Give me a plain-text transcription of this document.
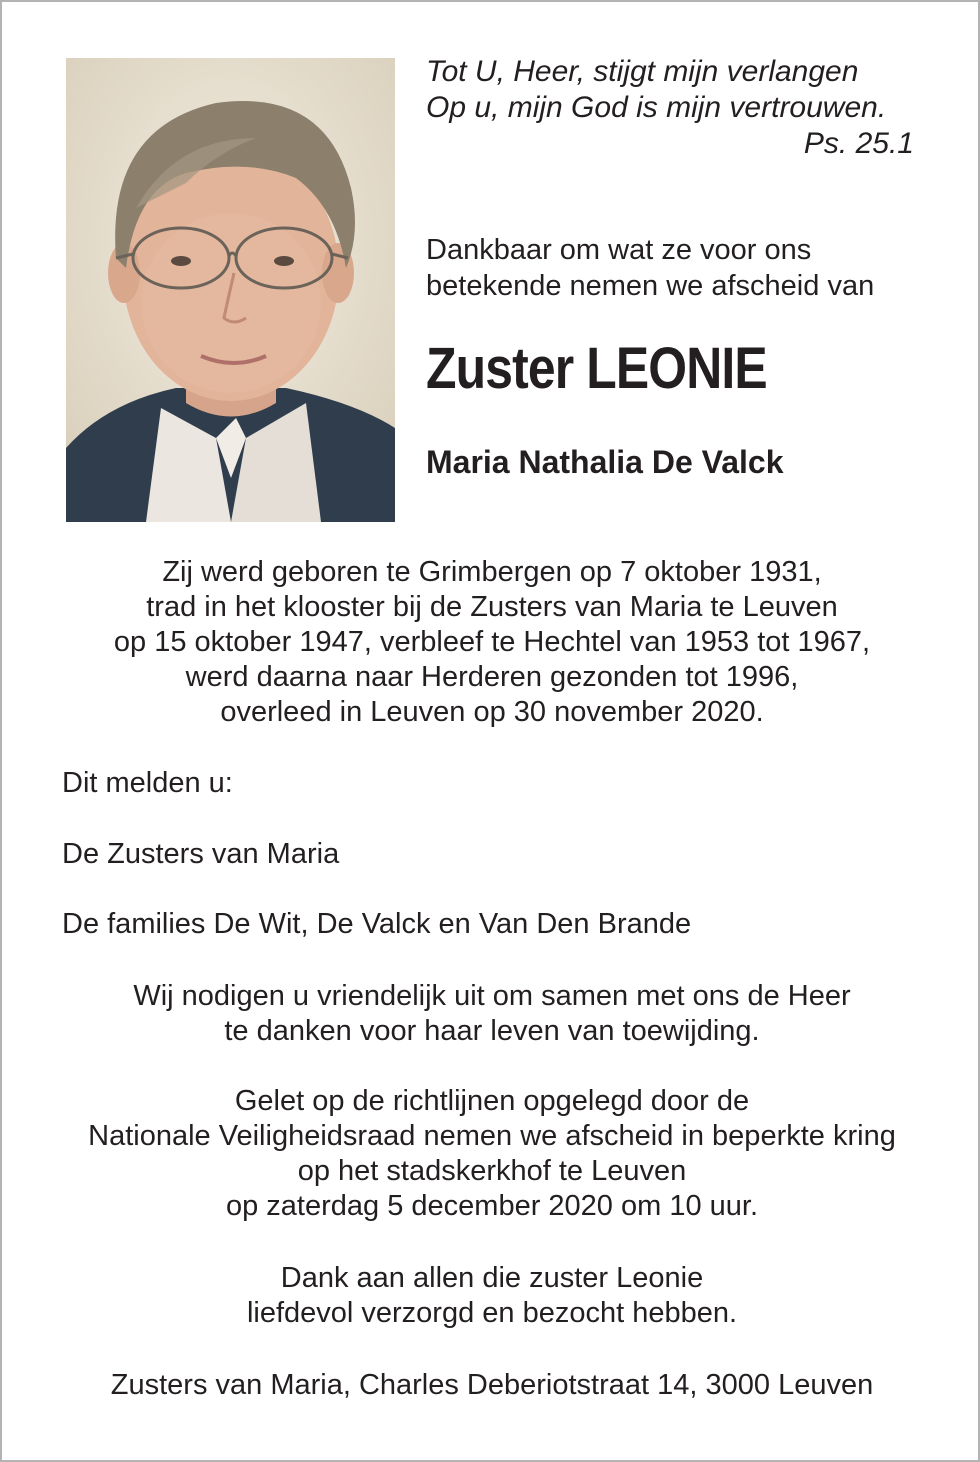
Tot U, Heer, stijgt mijn verlangen
Op u, mijn God is mijn vertrouwen.
Ps. 25.1
Dankbaar om wat ze voor ons
betekende nemen we afscheid van
Zuster LEONIE
Maria Nathalia De Valck
Zij werd geboren te Grimbergen op 7 oktober 1931,
trad in het klooster bij de Zusters van Maria te Leuven
op 15 oktober 1947, verbleef te Hechtel van 1953 tot 1967,
werd daarna naar Herderen gezonden tot 1996,
overleed in Leuven op 30 november 2020.
Dit melden u:
De Zusters van Maria
De families De Wit, De Valck en Van Den Brande
Wij nodigen u vriendelijk uit om samen met ons de Heer
te danken voor haar leven van toewijding.
Gelet op de richtlijnen opgelegd door de
Nationale Veiligheidsraad nemen we afscheid in beperkte kring
op het stadskerkhof te Leuven
op zaterdag 5 december 2020 om 10 uur.
Dank aan allen die zuster Leonie
liefdevol verzorgd en bezocht hebben.
Zusters van Maria, Charles Deberiotstraat 14, 3000 Leuven
